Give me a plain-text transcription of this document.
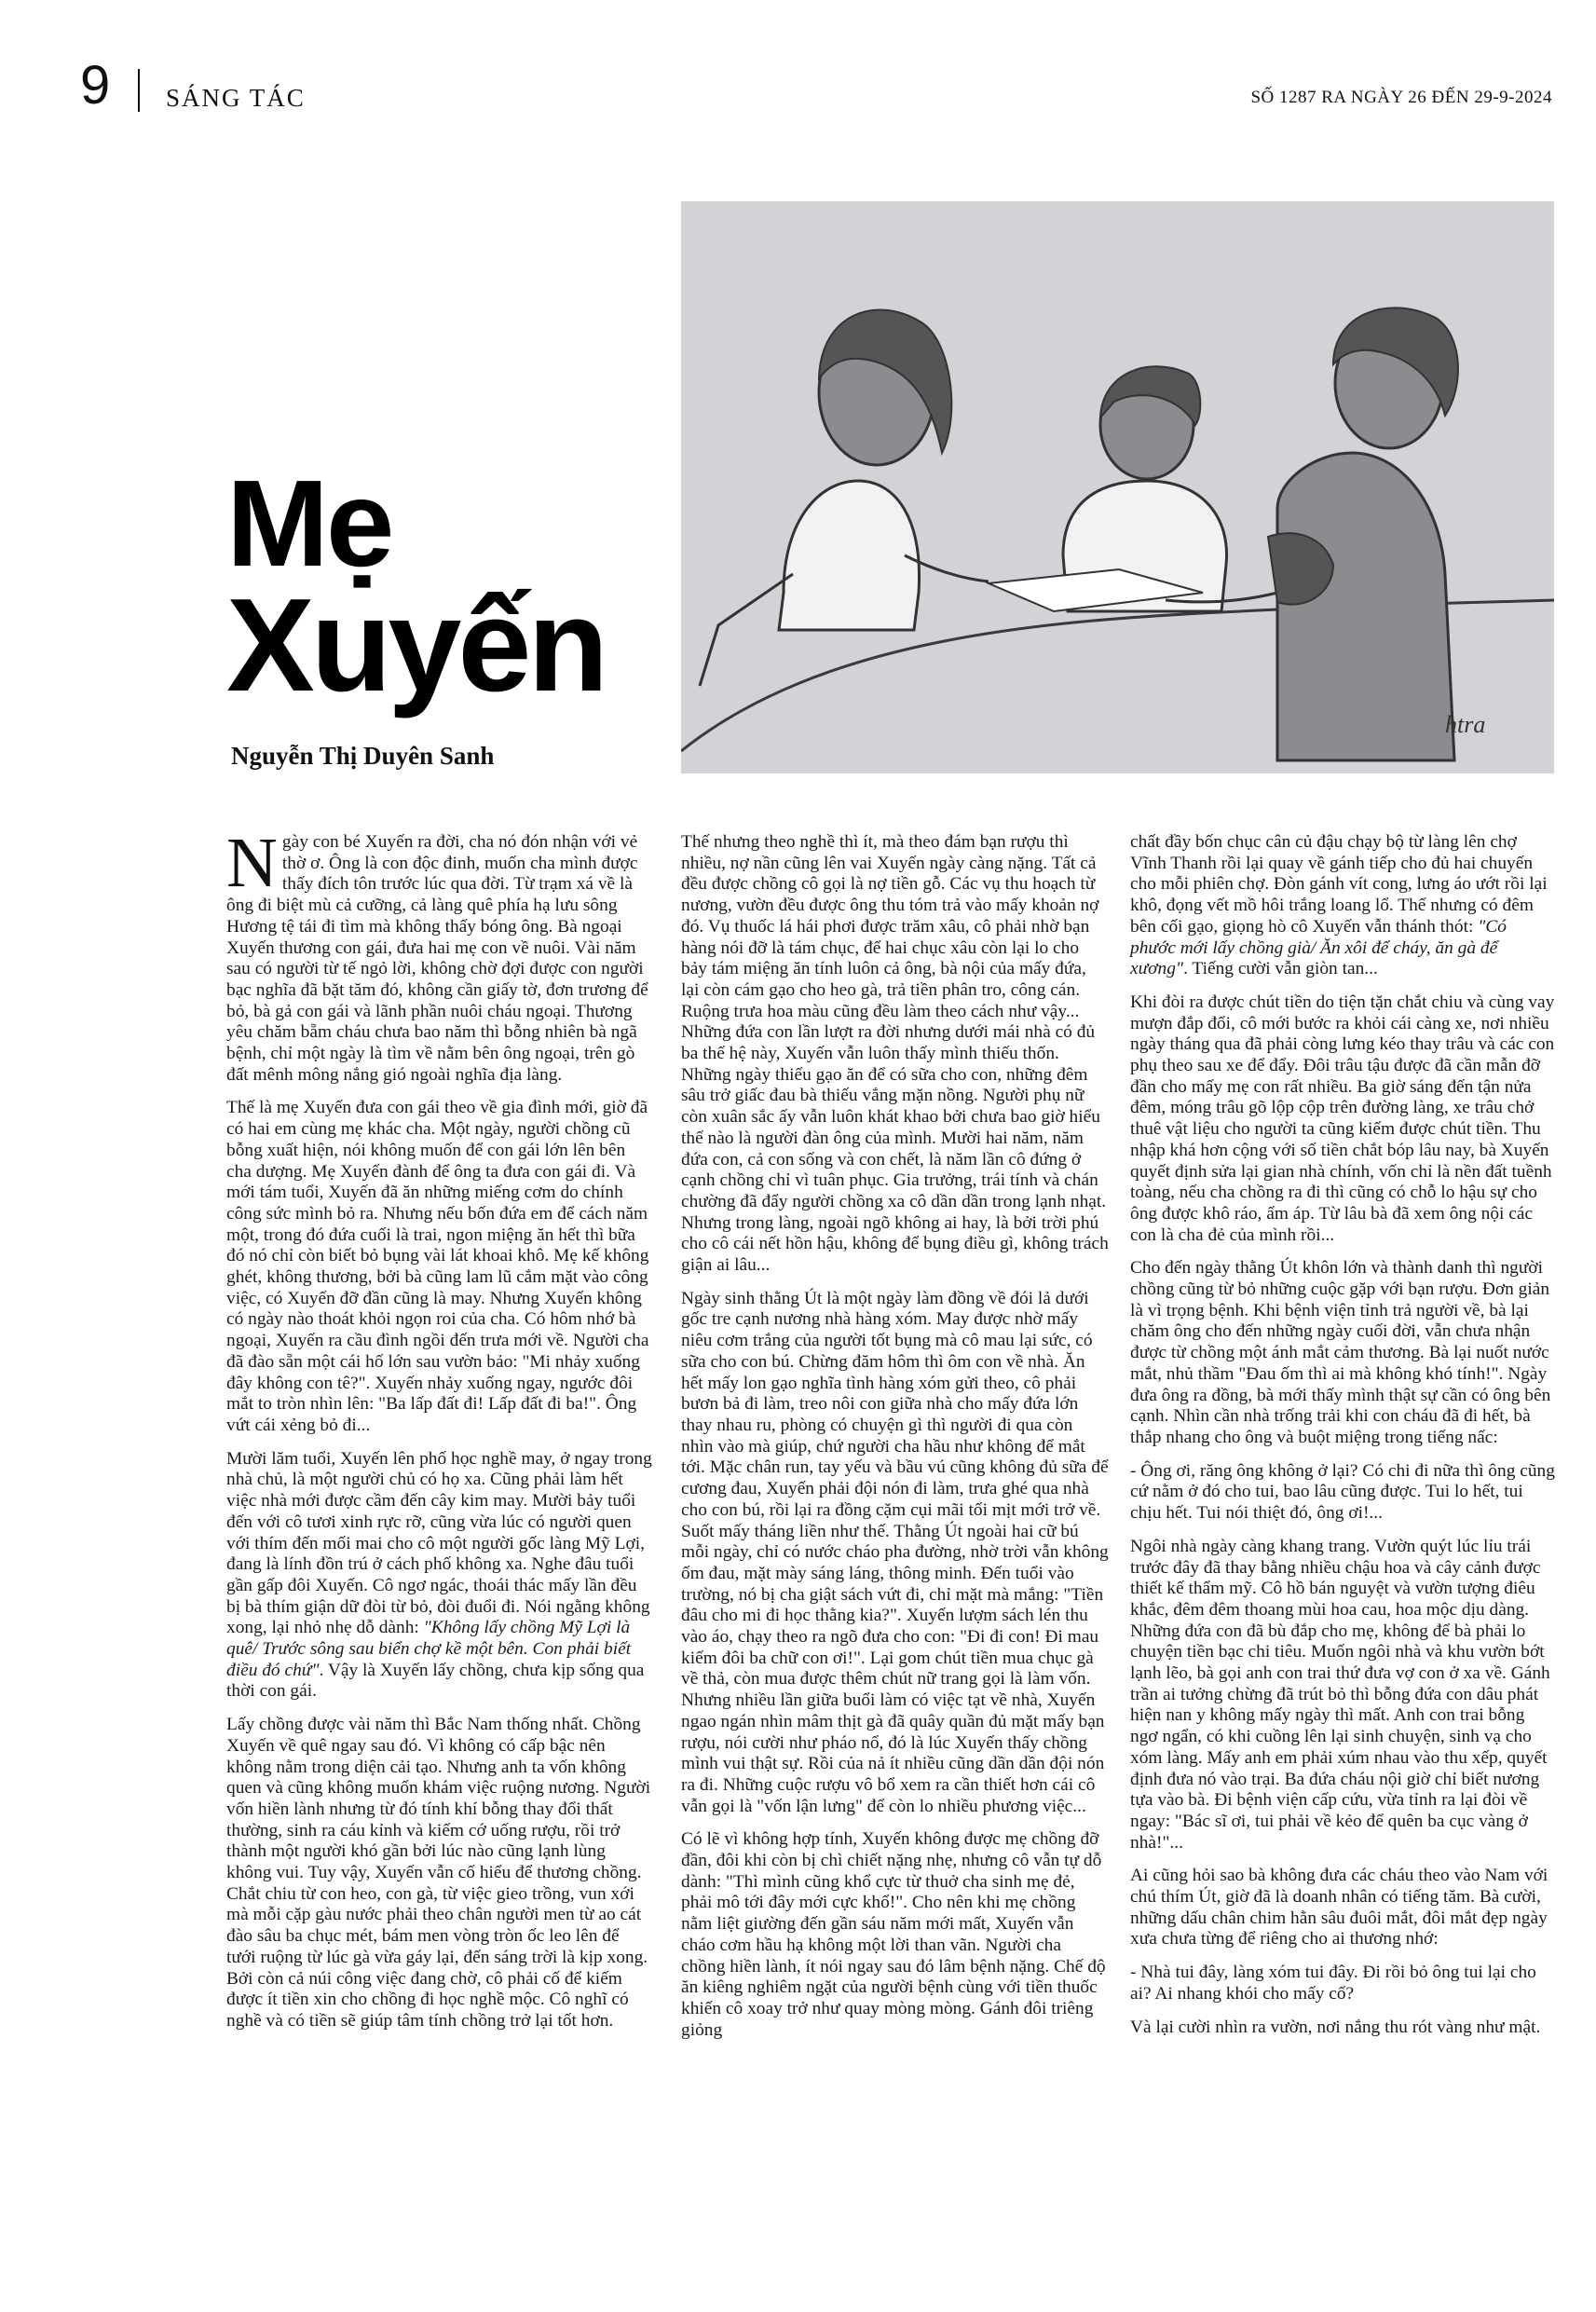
9 SÁNG TÁC	SỐ 1287 RA NGÀY 26 ĐẾN 29-9-2024
htra
Mẹ
Xuyến
Nguyễn Thị Duyên Sanh

Ngày con bé Xuyến ra đời, cha nó đón nhận với vẻ thờ ơ. Ông là con độc đinh, muốn cha mình được thấy đích tôn trước lúc qua đời. Từ trạm xá về là ông đi biệt mù cả cưỡng, cả làng quê phía hạ lưu sông Hương tệ tái đi tìm mà không thấy bóng ông. Bà ngoại Xuyến thương con gái, đưa hai mẹ con về nuôi. Vài năm sau có người từ tế ngỏ lời, không chờ đợi được con người bạc nghĩa đã bặt tăm đó, không cần giấy tờ, đơn trương để bỏ, bà gả con gái và lãnh phần nuôi cháu ngoại. Thương yêu chăm bẵm cháu chưa bao năm thì bỗng nhiên bà ngã bệnh, chỉ một ngày là tìm về nằm bên ông ngoại, trên gò đất mênh mông nắng gió ngoài nghĩa địa làng.

Thế là mẹ Xuyến đưa con gái theo về gia đình mới, giờ đã có hai em cùng mẹ khác cha. Một ngày, người chồng cũ bỗng xuất hiện, nói không muốn để con gái lớn lên bên cha dượng. Mẹ Xuyến đành để ông ta đưa con gái đi. Và mới tám tuổi, Xuyến đã ăn những miếng cơm do chính công sức mình bỏ ra. Nhưng nếu bốn đứa em để cách năm một, trong đó đứa cuối là trai, ngon miệng ăn hết thì bữa đó nó chỉ còn biết bỏ bụng vài lát khoai khô. Mẹ kế không ghét, không thương, bởi bà cũng lam lũ cắm mặt vào công việc, có Xuyến đỡ đần cũng là may. Nhưng Xuyến không có ngày nào thoát khỏi ngọn roi của cha. Có hôm nhớ bà ngoại, Xuyến ra cầu đình ngồi đến trưa mới về. Người cha đã đào sẵn một cái hố lớn sau vườn bảo: "Mi nhảy xuống đây không con tê?". Xuyến nhảy xuống ngay, ngước đôi mắt to tròn nhìn lên: "Ba lấp đất đi! Lấp đất đi ba!". Ông vứt cái xẻng bỏ đi...

Mười lăm tuổi, Xuyến lên phố học nghề may, ở ngay trong nhà chủ, là một người chủ có họ xa. Cũng phải làm hết việc nhà mới được cầm đến cây kim may. Mười bảy tuổi đến với cô tươi xinh rực rỡ, cũng vừa lúc có người quen với thím đến mối mai cho cô một người gốc làng Mỹ Lợi, đang là lính đồn trú ở cách phố không xa. Nghe đâu tuổi gần gấp đôi Xuyến. Cô ngơ ngác, thoái thác mấy lần đều bị bà thím giận dữ đòi từ bỏ, đòi đuổi đi. Nói ngằng không xong, lại nhỏ nhẹ dỗ dành: "Không lấy chồng Mỹ Lợi là quê/ Trước sông sau biển chợ kề một bên. Con phải biết điều đó chứ". Vậy là Xuyến lấy chồng, chưa kịp sống qua thời con gái.

Lấy chồng được vài năm thì Bắc Nam thống nhất. Chồng Xuyến về quê ngay sau đó. Vì không có cấp bậc nên không nằm trong diện cải tạo. Nhưng anh ta vốn không quen và cũng không muốn khám việc ruộng nương. Người vốn hiền lành nhưng từ đó tính khí bỗng thay đổi thất thường, sinh ra cáu kỉnh và kiếm cớ uống rượu, rồi trở thành một người khó gần bởi lúc nào cũng lạnh lùng không vui. Tuy vậy, Xuyến vẫn cố hiểu để thương chồng. Chắt chiu từ con heo, con gà, từ việc gieo trồng, vun xới mà mỗi cặp gàu nước phải theo chân người men từ ao cát đào sâu ba chục mét, bám men vòng tròn ốc leo lên để tưới ruộng từ lúc gà vừa gáy lại, đến sáng trời là kịp xong. Bởi còn cả núi công việc đang chờ, cô phải cố để kiếm được ít tiền xin cho chồng đi học nghề mộc. Cô nghĩ có nghề và có tiền sẽ giúp tâm tính chồng trở lại tốt hơn.

Thế nhưng theo nghề thì ít, mà theo đám bạn rượu thì nhiều, nợ nần cũng lên vai Xuyến ngày càng nặng. Tất cả đều được chồng cô gọi là nợ tiền gỗ. Các vụ thu hoạch từ nương, vườn đều được ông thu tóm trả vào mấy khoản nợ đó. Vụ thuốc lá hái phơi được trăm xâu, cô phải nhờ bạn hàng nói đỡ là tám chục, để hai chục xâu còn lại lo cho bảy tám miệng ăn tính luôn cả ông, bà nội của mấy đứa, lại còn cám gạo cho heo gà, trả tiền phân tro, công cán. Ruộng trưa hoa màu cũng đều làm theo cách như vậy... Những đứa con lần lượt ra đời nhưng dưới mái nhà có đủ ba thế hệ này, Xuyến vẫn luôn thấy mình thiếu thốn. Những ngày thiếu gạo ăn để có sữa cho con, những đêm sâu trở giấc đau bà thiếu vắng mặn nồng. Người phụ nữ còn xuân sắc ấy vẫn luôn khát khao bởi chưa bao giờ hiểu thế nào là người đàn ông của mình. Mười hai năm, năm đứa con, cả con sống và con chết, là năm lần cô đứng ở cạnh chồng chỉ vì tuân phục. Gia trưởng, trái tính và chán chường đã đẩy người chồng xa cô dần dần trong lạnh nhạt. Nhưng trong làng, ngoài ngõ không ai hay, là bởi trời phú cho cô cái nết hồn hậu, không để bụng điều gì, không trách giận ai lâu...

Ngày sinh thằng Út là một ngày làm đồng về đói lả dưới gốc tre cạnh nương nhà hàng xóm. May được nhờ mấy niêu cơm trắng của người tốt bụng mà cô mau lại sức, có sữa cho con bú. Chừng đăm hôm thì ôm con về nhà. Ăn hết mấy lon gạo nghĩa tình hàng xóm gửi theo, cô phải bươn bả đi làm, treo nôi con giữa nhà cho mấy đứa lớn thay nhau ru, phòng có chuyện gì thì người đi qua còn nhìn vào mà giúp, chứ người cha hầu như không để mắt tới. Mặc chân run, tay yếu và bầu vú cũng không đủ sữa để cương đau, Xuyến phải đội nón đi làm, trưa ghé qua nhà cho con bú, rồi lại ra đồng cặm cụi mãi tối mịt mới trở về. Suốt mấy tháng liền như thế. Thằng Út ngoài hai cữ bú mỗi ngày, chỉ có nước cháo pha đường, nhờ trời vẫn không ốm đau, mặt mày sáng láng, thông minh. Đến tuổi vào trường, nó bị cha giật sách vứt đi, chỉ mặt mà mắng: "Tiền đâu cho mi đi học thằng kia?". Xuyến lượm sách lén thu vào áo, chạy theo ra ngõ đưa cho con: "Đi đi con! Đi mau kiếm đôi ba chữ con ơi!". Lại gom chút tiền mua chục gà về thả, còn mua được thêm chút nữ trang gọi là làm vốn. Nhưng nhiều lần giữa buổi làm có việc tạt về nhà, Xuyến ngao ngán nhìn mâm thịt gà đã quây quần đủ mặt mấy bạn rượu, nói cười như pháo nổ, đó là lúc Xuyến thấy chồng mình vui thật sự. Rồi của nả ít nhiều cũng dần dần đội nón ra đi. Những cuộc rượu vô bổ xem ra cần thiết hơn cái cô vẫn gọi là "vốn lận lưng" để còn lo nhiều phương việc...

Có lẽ vì không hợp tính, Xuyến không được mẹ chồng đỡ đần, đôi khi còn bị chì chiết nặng nhẹ, nhưng cô vẫn tự dỗ dành: "Thì mình cũng khổ cực từ thuở cha sinh mẹ đẻ, phải mô tới đây mới cực khổ!". Cho nên khi mẹ chồng nằm liệt giường đến gần sáu năm mới mất, Xuyến vẫn cháo cơm hầu hạ không một lời than vãn. Người cha chồng hiền lành, ít nói ngay sau đó lâm bệnh nặng. Chế độ ăn kiêng nghiêm ngặt của người bệnh cùng với tiền thuốc khiến cô xoay trở như quay mòng mòng. Gánh đôi triêng giỏng

chất đầy bốn chục cân củ đậu chạy bộ từ làng lên chợ Vĩnh Thanh rồi lại quay về gánh tiếp cho đủ hai chuyến cho mỗi phiên chợ. Đòn gánh vít cong, lưng áo ướt rồi lại khô, đọng vết mồ hôi trắng loang lổ. Thế nhưng có đêm bên cối gạo, giọng hò cô Xuyến vẫn thánh thót: "Có phước mới lấy chồng già/ Ăn xôi để cháy, ăn gà để xương". Tiếng cười vẫn giòn tan...

Khi đòi ra được chút tiền do tiện tặn chắt chiu và cùng vay mượn đắp đổi, cô mới bước ra khỏi cái càng xe, nơi nhiều ngày tháng qua đã phải còng lưng kéo thay trâu và các con phụ theo sau xe để đẩy. Đôi trâu tậu được đã cần mẫn đỡ đần cho mấy mẹ con rất nhiều. Ba giờ sáng đến tận nửa đêm, móng trâu gõ lộp cộp trên đường làng, xe trâu chở thuê vật liệu cho người ta cũng kiếm được chút tiền. Thu nhập khá hơn cộng với số tiền chắt bóp lâu nay, bà Xuyến quyết định sửa lại gian nhà chính, vốn chỉ là nền đất tuềnh toàng, nếu cha chồng ra đi thì cũng có chỗ lo hậu sự cho ông được khô ráo, ấm áp. Từ lâu bà đã xem ông nội các con là cha đẻ của mình rồi...

Cho đến ngày thằng Út khôn lớn và thành danh thì người chồng cũng từ bỏ những cuộc gặp với bạn rượu. Đơn giản là vì trọng bệnh. Khi bệnh viện tỉnh trả người về, bà lại chăm ông cho đến những ngày cuối đời, vẫn chưa nhận được từ chồng một ánh mắt cảm thương. Bà lại nuốt nước mắt, nhủ thầm "Đau ốm thì ai mà không khó tính!". Ngày đưa ông ra đồng, bà mới thấy mình thật sự cần có ông bên cạnh. Nhìn cần nhà trống trải khi con cháu đã đi hết, bà thắp nhang cho ông và buột miệng trong tiếng nấc:

- Ông ơi, răng ông không ở lại? Có chi đi nữa thì ông cũng cứ nằm ở đó cho tui, bao lâu cũng được. Tui lo hết, tui chịu hết. Tui nói thiệt đó, ông ơi!...

Ngôi nhà ngày càng khang trang. Vườn quýt lúc lỉu trái trước đây đã thay bằng nhiều chậu hoa và cây cảnh được thiết kế thẩm mỹ. Cô hồ bán nguyệt và vườn tượng điêu khắc, đêm đêm thoang mùi hoa cau, hoa mộc dịu dàng. Những đứa con đã bù đắp cho mẹ, không để bà phải lo chuyện tiền bạc chi tiêu. Muốn ngôi nhà và khu vườn bớt lạnh lẽo, bà gọi anh con trai thứ đưa vợ con ở xa về. Gánh trần ai tưởng chừng đã trút bỏ thì bỗng đứa con dâu phát hiện nan y không mấy ngày thì mất. Anh con trai bỗng ngơ ngẩn, có khi cuồng lên lại sinh chuyện, sinh vạ cho xóm làng. Mấy anh em phải xúm nhau vào thu xếp, quyết định đưa nó vào trại. Ba đứa cháu nội giờ chỉ biết nương tựa vào bà. Đi bệnh viện cấp cứu, vừa tỉnh ra lại đòi về ngay: "Bác sĩ ơi, tui phải về kẻo để quên ba cục vàng ở nhà!"...

Ai cũng hỏi sao bà không đưa các cháu theo vào Nam với chú thím Út, giờ đã là doanh nhân có tiếng tăm. Bà cười, những dấu chân chim hằn sâu đuôi mắt, đôi mắt đẹp ngày xưa chưa từng để riêng cho ai thương nhớ:

- Nhà tui đây, làng xóm tui đây. Đi rồi bỏ ông tui lại cho ai? Ai nhang khói cho mấy cố?

Và lại cười nhìn ra vườn, nơi nắng thu rót vàng như mật.
